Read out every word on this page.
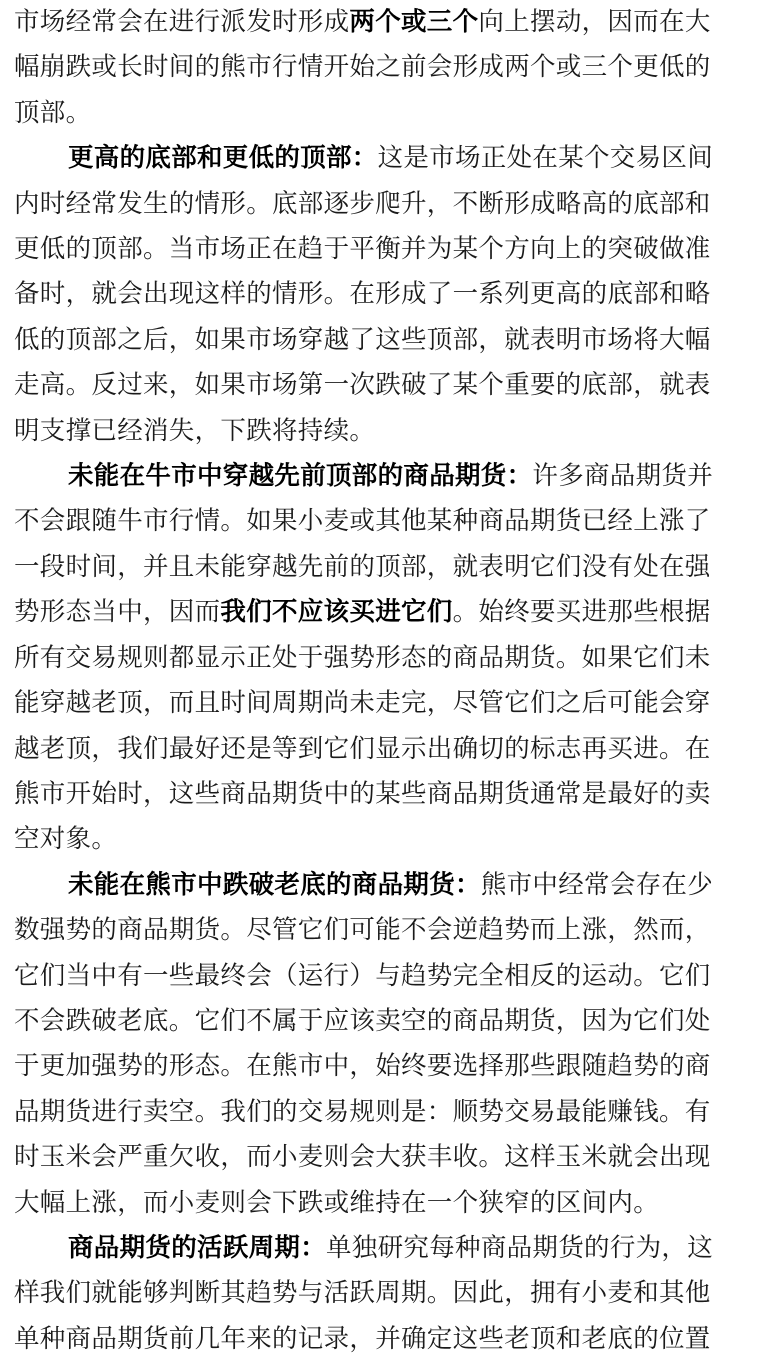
市场经常会在进行派发时形成两个或三个向上摆动，因而在大
幅崩跌或长时间的熊市行情开始之前会形成两个或三个更低的
顶部。
更高的底部和更低的顶部：这是市场正处在某个交易区间
内时经常发生的情形。底部逐步爬升，不断形成略高的底部和
更低的顶部。当市场正在趋于平衡并为某个方向上的突破做准
备时，就会出现这样的情形。在形成了一系列更高的底部和略
低的顶部之后，如果市场穿越了这些顶部，就表明市场将大幅
走高。反过来，如果市场第一次跌破了某个重要的底部，就表
明支撑已经消失，下跌将持续。
未能在牛市中穿越先前顶部的商品期货：许多商品期货并
不会跟随牛市行情。如果小麦或其他某种商品期货已经上涨了
一段时间，并且未能穿越先前的顶部，就表明它们没有处在强
势形态当中，因而我们不应该买进它们。始终要买进那些根据
所有交易规则都显示正处于强势形态的商品期货。如果它们未
能穿越老顶，而且时间周期尚未走完，尽管它们之后可能会穿
越老顶，我们最好还是等到它们显示出确切的标志再买进。在
熊市开始时，这些商品期货中的某些商品期货通常是最好的卖
空对象。
未能在熊市中跌破老底的商品期货：熊市中经常会存在少
数强势的商品期货。尽管它们可能不会逆趋势而上涨，然而，
它们当中有一些最终会（运行）与趋势完全相反的运动。它们
不会跌破老底。它们不属于应该卖空的商品期货，因为它们处
于更加强势的形态。在熊市中，始终要选择那些跟随趋势的商
品期货进行卖空。我们的交易规则是：顺势交易最能赚钱。有
时玉米会严重欠收，而小麦则会大获丰收。这样玉米就会出现
大幅上涨，而小麦则会下跌或维持在一个狭窄的区间内。
商品期货的活跃周期：单独研究每种商品期货的行为，这
样我们就能够判断其趋势与活跃周期。因此，拥有小麦和其他
单种商品期货前几年来的记录，并确定这些老顶和老底的位置
